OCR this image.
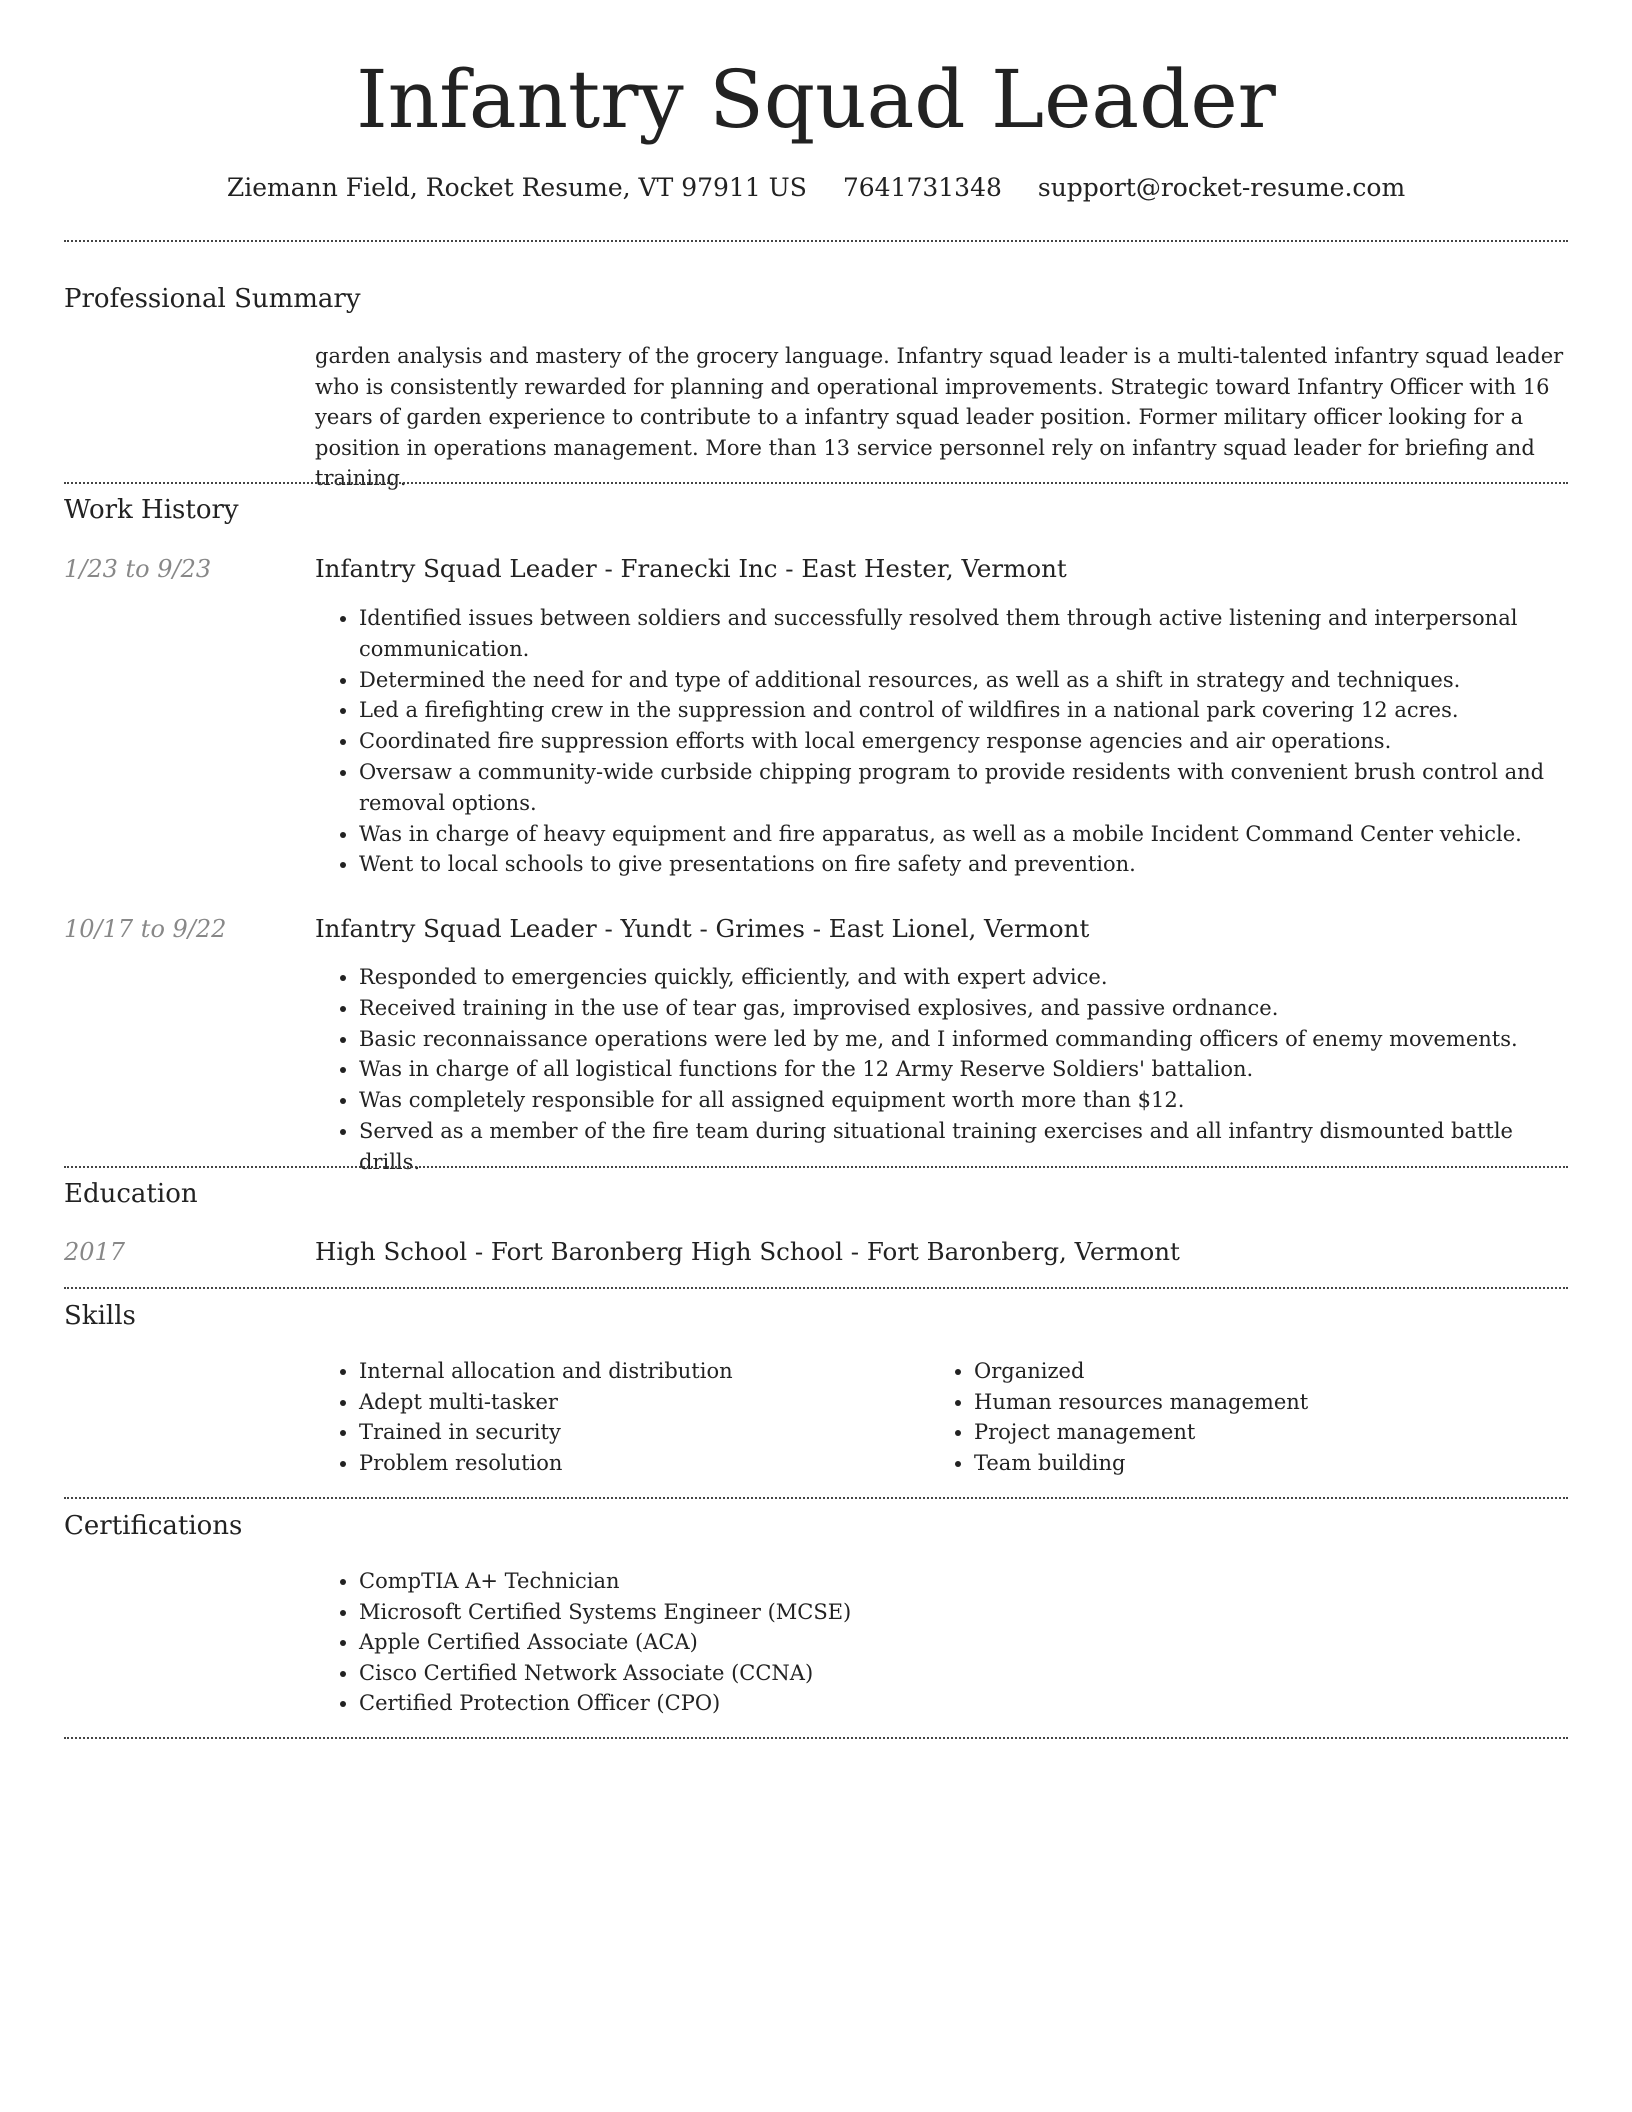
Infantry Squad Leader
Ziemann Field, Rocket Resume, VT 97911 US 7641731348 support@rocket-resume.com
Professional Summary
garden analysis and mastery of the grocery language. Infantry squad leader is a multi-talented infantry squad leader who is consistently rewarded for planning and operational improvements. Strategic toward Infantry Officer with 16 years of garden experience to contribute to a infantry squad leader position. Former military officer looking for a position in operations management. More than 13 service personnel rely on infantry squad leader for briefing and training.
Work History
1/23 to 9/23	Infantry Squad Leader - Franecki Inc - East Hester, Vermont
• Identified issues between soldiers and successfully resolved them through active listening and interpersonal communication.
• Determined the need for and type of additional resources, as well as a shift in strategy and techniques.
• Led a firefighting crew in the suppression and control of wildfires in a national park covering 12 acres.
• Coordinated fire suppression efforts with local emergency response agencies and air operations.
• Oversaw a community-wide curbside chipping program to provide residents with convenient brush control and removal options.
• Was in charge of heavy equipment and fire apparatus, as well as a mobile Incident Command Center vehicle.
• Went to local schools to give presentations on fire safety and prevention.
10/17 to 9/22	Infantry Squad Leader - Yundt - Grimes - East Lionel, Vermont
• Responded to emergencies quickly, efficiently, and with expert advice.
• Received training in the use of tear gas, improvised explosives, and passive ordnance.
• Basic reconnaissance operations were led by me, and I informed commanding officers of enemy movements.
• Was in charge of all logistical functions for the 12 Army Reserve Soldiers' battalion.
• Was completely responsible for all assigned equipment worth more than $12.
• Served as a member of the fire team during situational training exercises and all infantry dismounted battle drills.
Education
2017	High School - Fort Baronberg High School - Fort Baronberg, Vermont
Skills
• Internal allocation and distribution
• Adept multi-tasker
• Trained in security
• Problem resolution
• Organized
• Human resources management
• Project management
• Team building
Certifications
• CompTIA A+ Technician
• Microsoft Certified Systems Engineer (MCSE)
• Apple Certified Associate (ACA)
• Cisco Certified Network Associate (CCNA)
• Certified Protection Officer (CPO)
